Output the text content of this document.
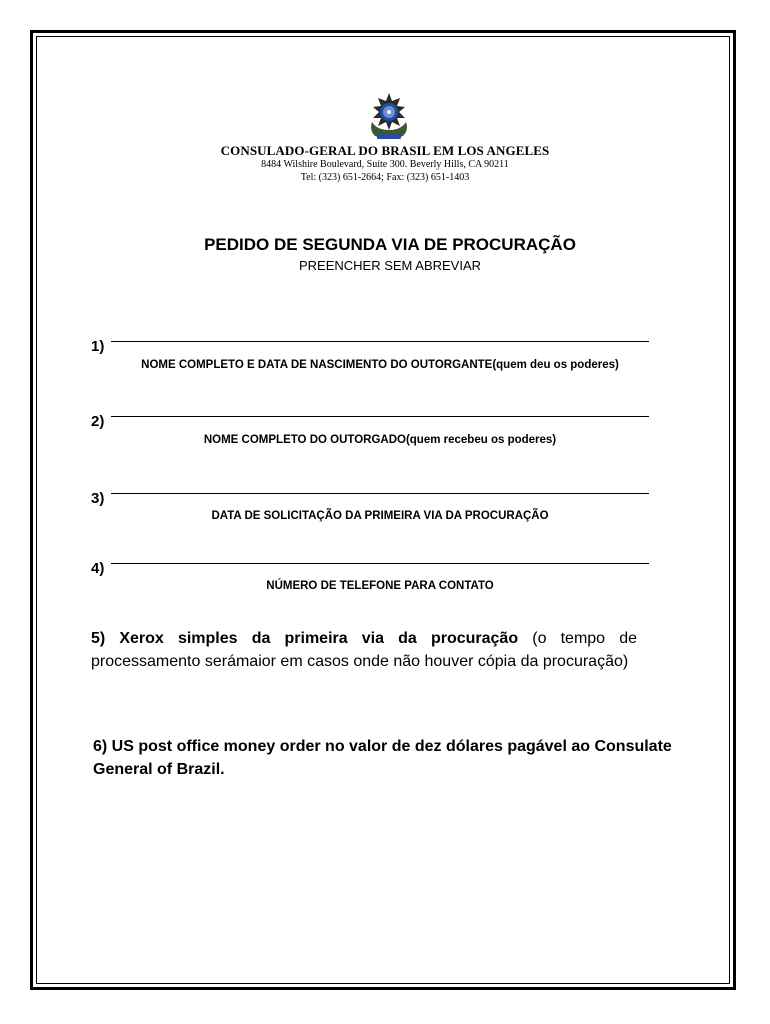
CONSULADO-GERAL DO BRASIL EM LOS ANGELES
8484 Wilshire Boulevard, Suíte 300. Beverly Hills, CA 90211
Tel: (323) 651-2664; Fax: (323) 651-1403
PEDIDO DE SEGUNDA VIA DE PROCURAÇÃO
PREENCHER SEM ABREVIAR
1)
NOME COMPLETO E DATA DE NASCIMENTO DO OUTORGANTE(quem deu os poderes)
2)
NOME COMPLETO DO OUTORGADO(quem recebeu os poderes)
3)
DATA DE SOLICITAÇÃO DA PRIMEIRA VIA DA PROCURAÇÃO
4)
NÚMERO DE TELEFONE PARA CONTATO
5) Xerox simples da primeira via da procuração (o tempo de processamento serámaior em casos onde não houver cópia da procuração)
6) US post office money order no valor de dez dólares pagável ao Consulate General of Brazil.
